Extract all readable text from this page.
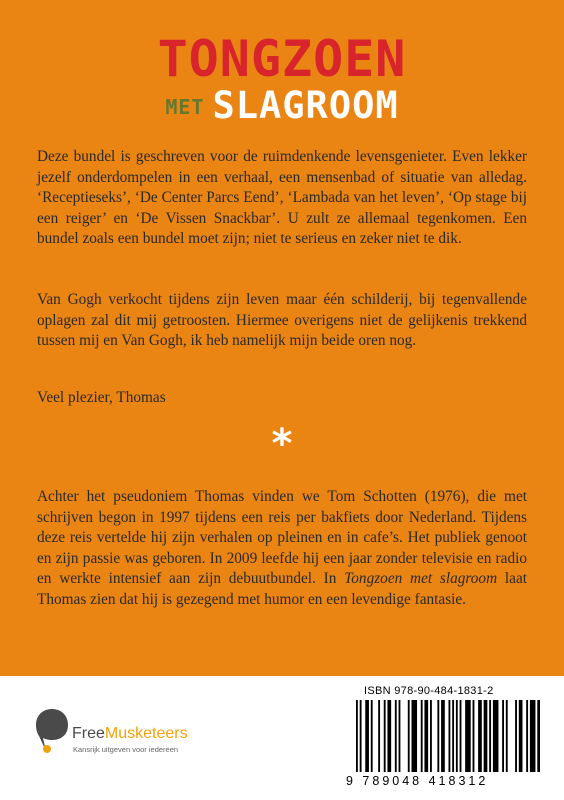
TONGZOEN
MET SLAGROOM
Deze bundel is geschreven voor de ruimdenkende levensgenieter. Even lekker jezelf onderdompelen in een verhaal, een mensenbad of situatie van alledag. ‘Receptieseks’, ‘De Center Parcs Eend’, ‘Lambada van het leven’, ‘Op stage bij een reiger’ en ‘De Vissen Snackbar’. U zult ze allemaal tegenkomen. Een bundel zoals een bundel moet zijn; niet te serieus en zeker niet te dik.
Van Gogh verkocht tijdens zijn leven maar één schilderij, bij tegenvallende oplagen zal dit mij getroosten. Hiermee overigens niet de gelijkenis trekkend tussen mij en Van Gogh, ik heb namelijk mijn beide oren nog.
Veel plezier, Thomas
*
Achter het pseudoniem Thomas vinden we Tom Schotten (1976), die met schrijven begon in 1997 tijdens een reis per bakfiets door Nederland. Tijdens deze reis vertelde hij zijn verhalen op pleinen en in cafe’s. Het publiek genoot en zijn passie was geboren. In 2009 leefde hij een jaar zonder televisie en radio en werkte intensief aan zijn debuutbundel. In Tongzoen met slagroom laat Thomas zien dat hij is gezegend met humor en een levendige fantasie.
FreeMusketeers
Kansrijk uitgeven voor iedereen
ISBN 978-90-484-1831-2
9 789048 418312
